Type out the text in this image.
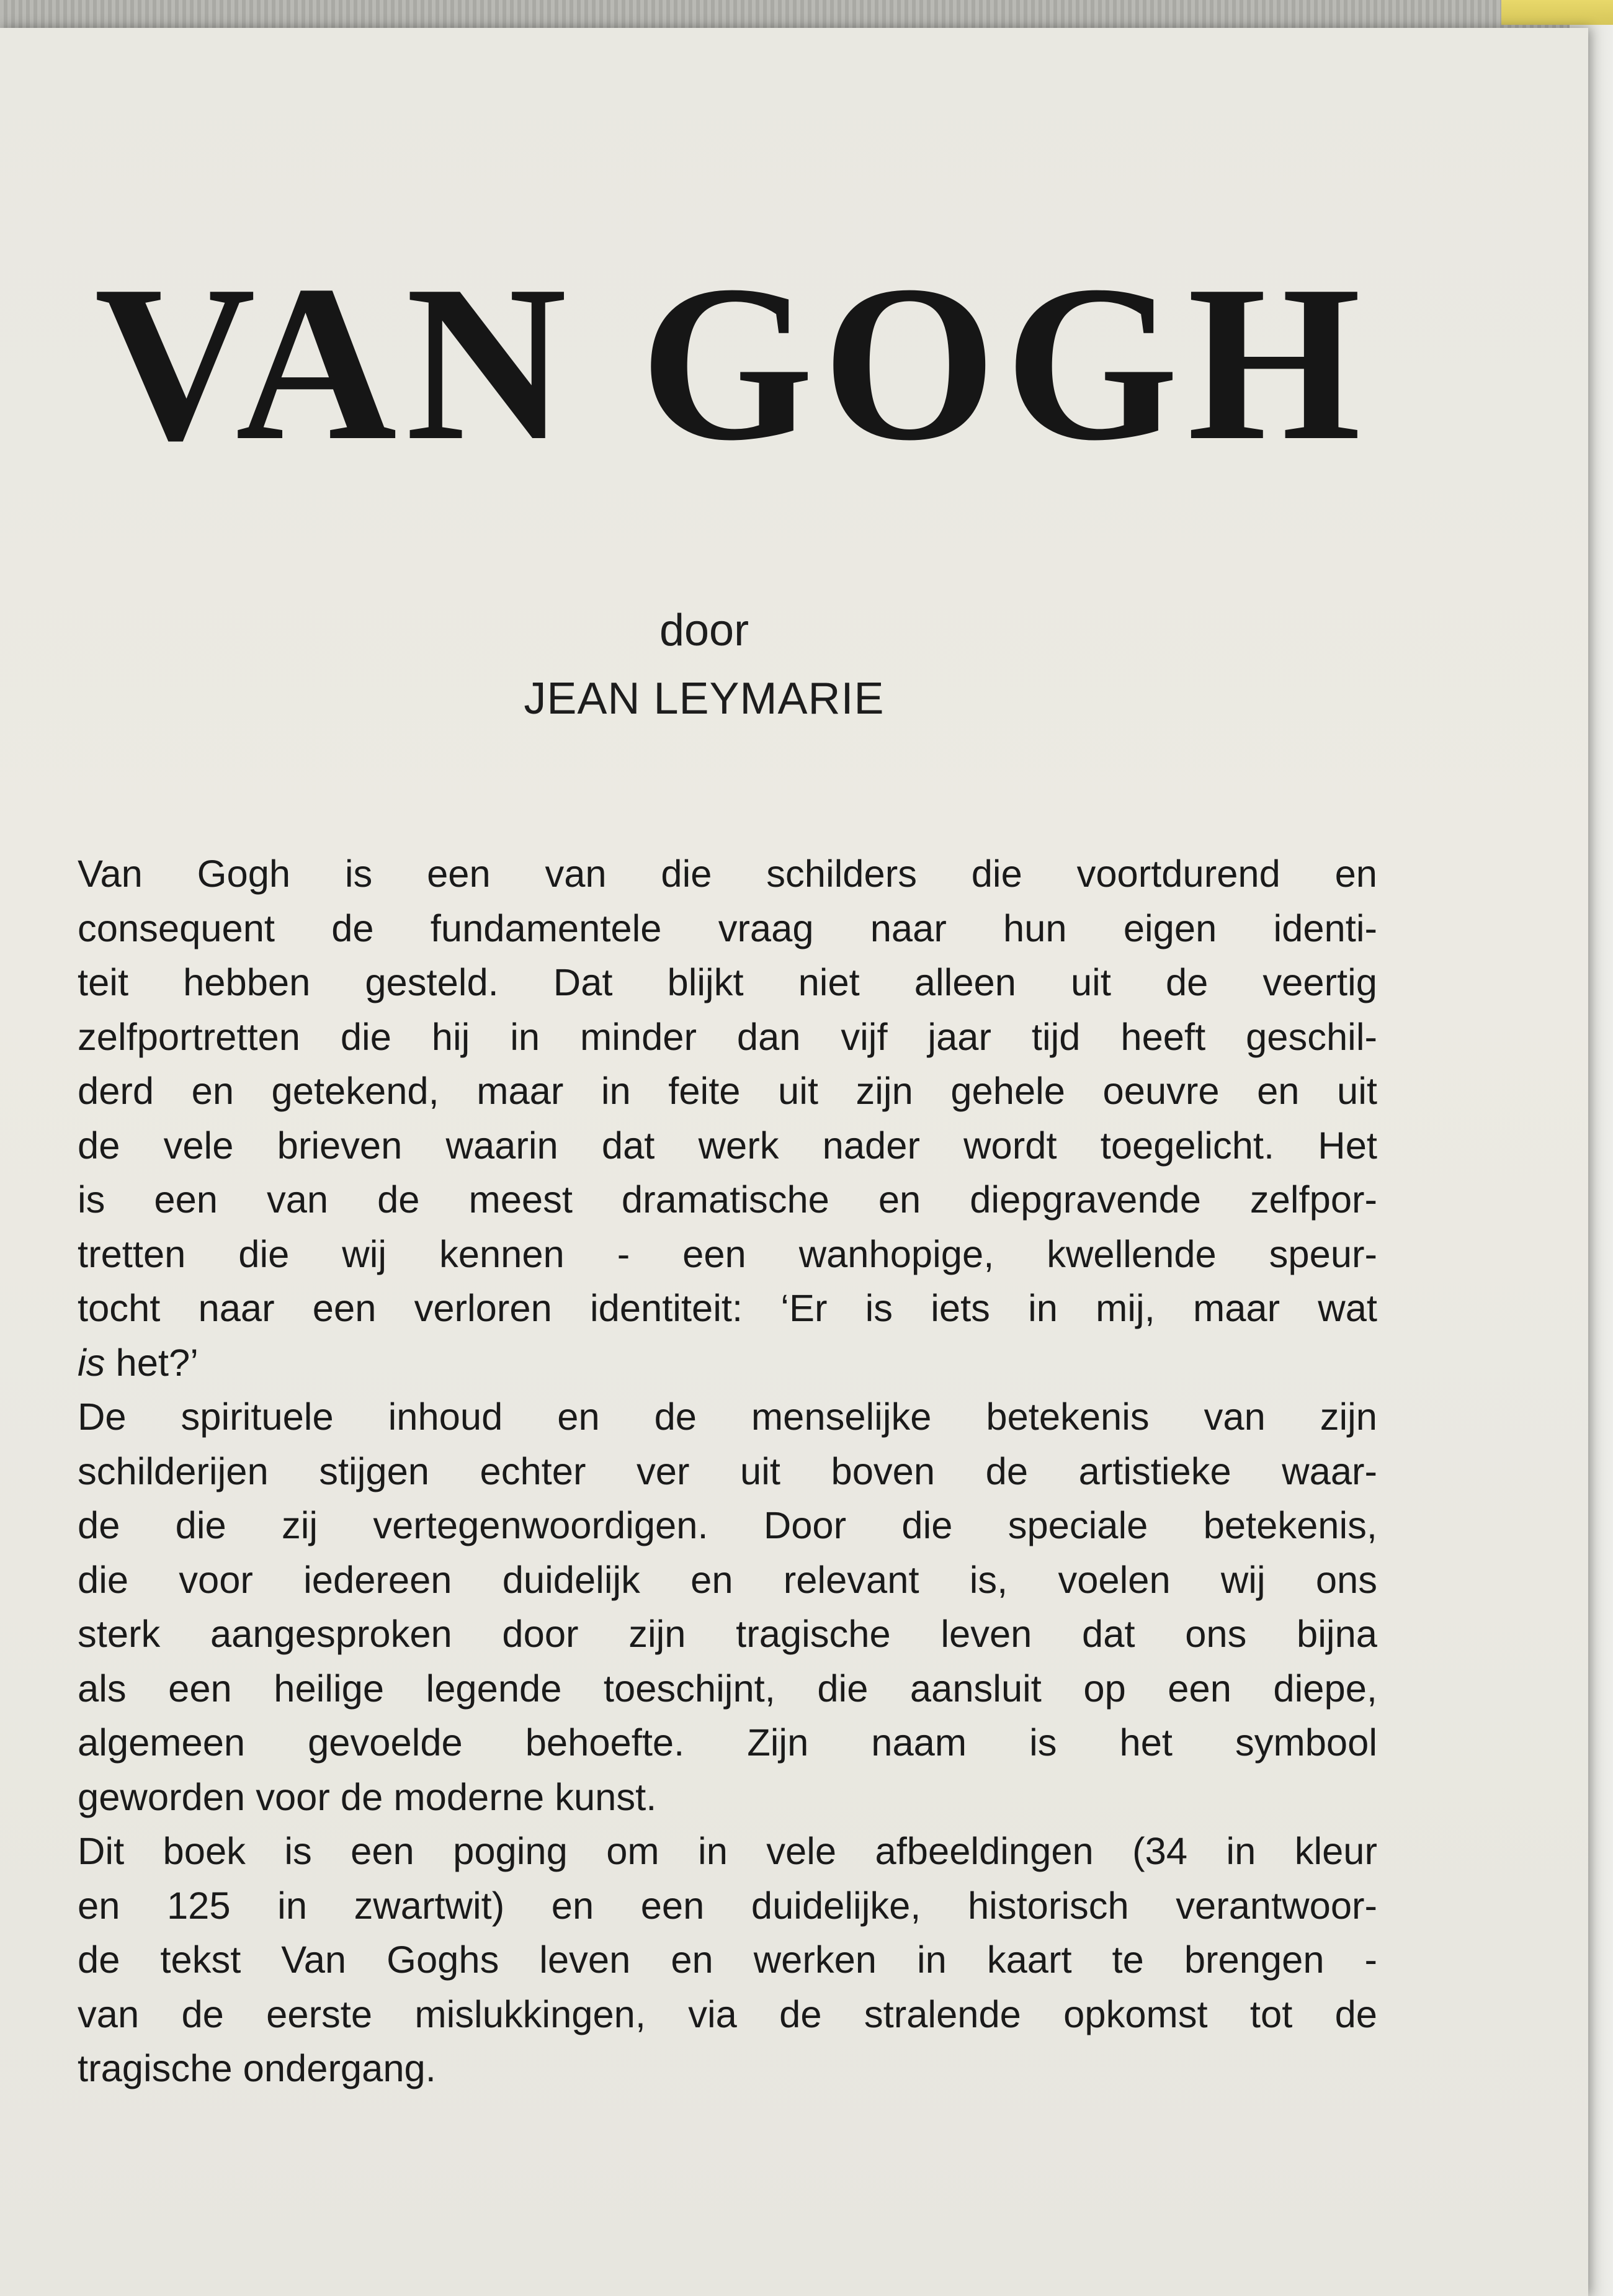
VAN GOGH
door
JEAN LEYMARIE

Van Gogh is een van die schilders die voortdurend en
consequent de fundamentele vraag naar hun eigen identi-
teit hebben gesteld. Dat blijkt niet alleen uit de veertig
zelfportretten die hij in minder dan vijf jaar tijd heeft geschil-
derd en getekend, maar in feite uit zijn gehele oeuvre en uit
de vele brieven waarin dat werk nader wordt toegelicht. Het
is een van de meest dramatische en diepgravende zelfpor-
tretten die wij kennen - een wanhopige, kwellende speur-
tocht naar een verloren identiteit: ‘Er is iets in mij, maar wat
is het?’

De spirituele inhoud en de menselijke betekenis van zijn
schilderijen stijgen echter ver uit boven de artistieke waar-
de die zij vertegenwoordigen. Door die speciale betekenis,
die voor iedereen duidelijk en relevant is, voelen wij ons
sterk aangesproken door zijn tragische leven dat ons bijna
als een heilige legende toeschijnt, die aansluit op een diepe,
algemeen gevoelde behoefte. Zijn naam is het symbool
geworden voor de moderne kunst.

Dit boek is een poging om in vele afbeeldingen (34 in kleur
en 125 in zwartwit) en een duidelijke, historisch verantwoor-
de tekst Van Goghs leven en werken in kaart te brengen -
van de eerste mislukkingen, via de stralende opkomst tot de
tragische ondergang.
